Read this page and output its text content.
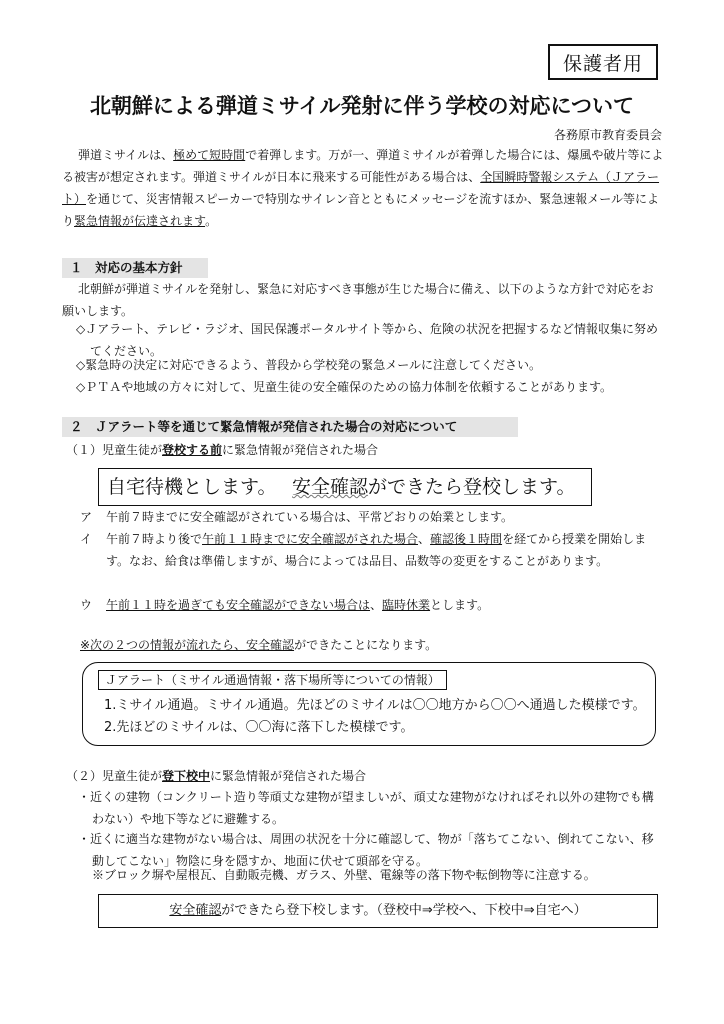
保護者用
北朝鮮による弾道ミサイル発射に伴う学校の対応について
各務原市教育委員会
弾道ミサイルは、極めて短時間で着弾します。万が一、弾道ミサイルが着弾した場合には、爆風や破片等による被害が想定されます。弾道ミサイルが日本に飛来する可能性がある場合は、全国瞬時警報システム（Ｊアラート）を通じて、災害情報スピーカーで特別なサイレン音とともにメッセージを流すほか、緊急速報メール等により緊急情報が伝達されます。
１　対応の基本方針
北朝鮮が弾道ミサイルを発射し、緊急に対応すべき事態が生じた場合に備え、以下のような方針で対応をお願いします。
◇Ｊアラート、テレビ・ラジオ、国民保護ポータルサイト等から、危険の状況を把握するなど情報収集に努めてください。
◇緊急時の決定に対応できるよう、普段から学校発の緊急メールに注意してください。
◇ＰＴＡや地域の方々に対して、児童生徒の安全確保のための協力体制を依頼することがあります。
２　Ｊアラート等を通じて緊急情報が発信された場合の対応について
（１）児童生徒が登校する前に緊急情報が発信された場合
自宅待機とします。　 安全確認ができたら登校します。
ア 午前７時までに安全確認がされている場合は、平常どおりの始業とします。
イ 午前７時より後で午前１１時までに安全確認がされた場合、確認後１時間を経てから授業を開始します。なお、給食は準備しますが、場合によっては品目、品数等の変更をすることがあります。
ウ 午前１１時を過ぎても安全確認ができない場合は、臨時休業とします。
※次の２つの情報が流れたら、安全確認ができたことになります。
Ｊアラート（ミサイル通過情報・落下場所等についての情報）
1.ミサイル通過。ミサイル通過。先ほどのミサイルは〇〇地方から〇〇へ通過した模様です。
2.先ほどのミサイルは、〇〇海に落下した模様です。
（２）児童生徒が登下校中に緊急情報が発信された場合
・近くの建物（コンクリート造り等頑丈な建物が望ましいが、頑丈な建物がなければそれ以外の建物でも構わない）や地下等などに避難する。
・近くに適当な建物がない場合は、周囲の状況を十分に確認して、物が「落ちてこない、倒れてこない、移動してこない」物陰に身を隠すか、地面に伏せて頭部を守る。
※ブロック塀や屋根瓦、自動販売機、ガラス、外壁、電線等の落下物や転倒物等に注意する。
安全確認ができたら登下校します。（登校中⇒学校へ、下校中⇒自宅へ）
